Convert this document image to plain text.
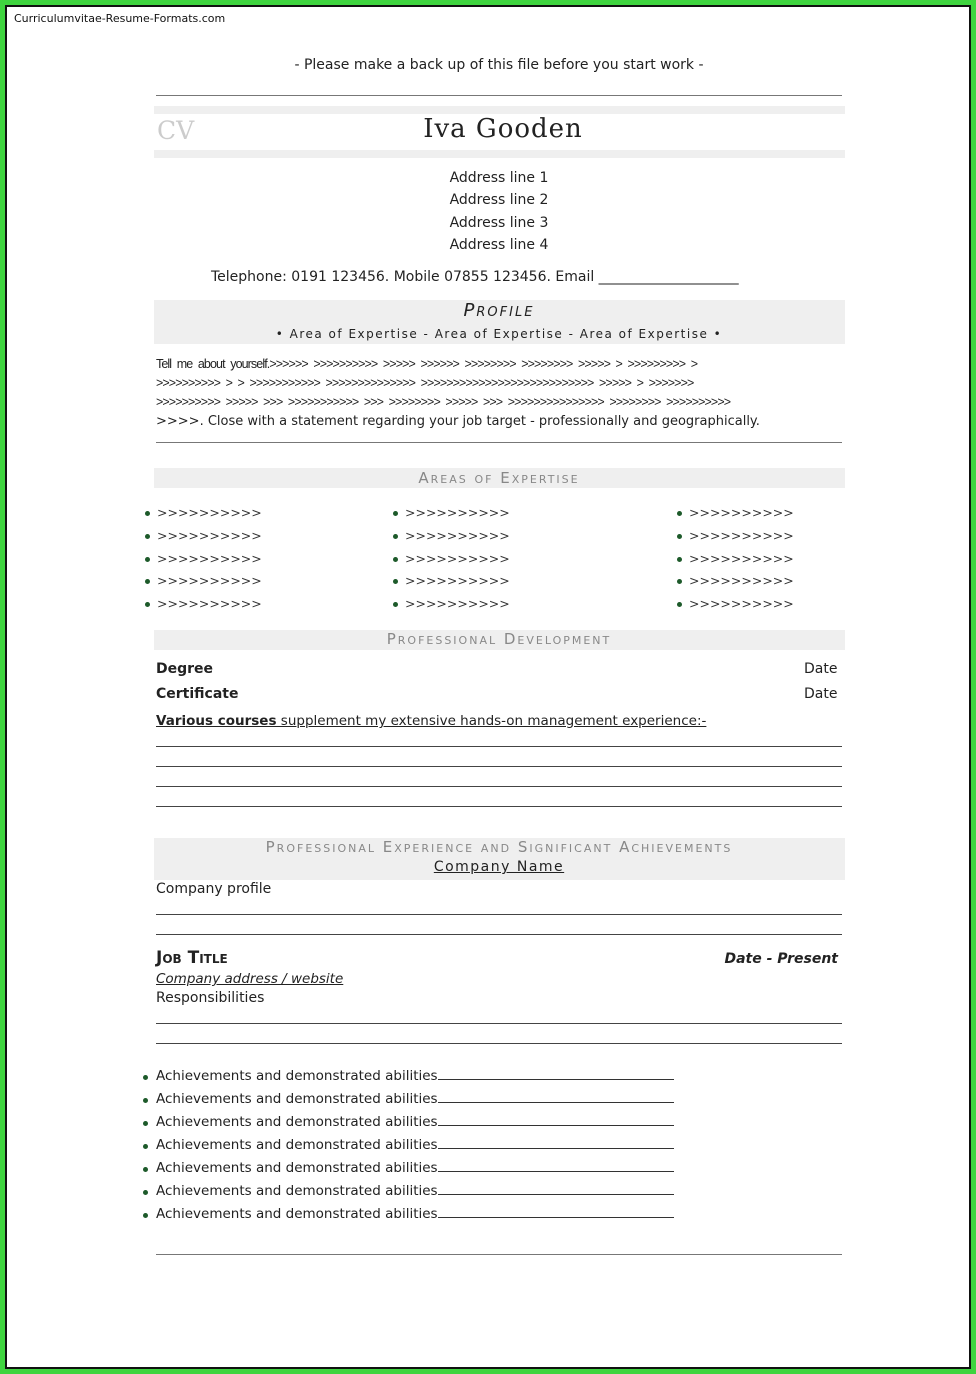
Curriculumvitae-Resume-Formats.com
- Please make a back up of this file before you start work -
CV	Iva Gooden
Address line 1
Address line 2
Address line 3
Address line 4
Telephone: 0191 123456. Mobile 07855 123456. Email ____________________
Profile
• Area of Expertise - Area of Expertise - Area of Expertise •
Tell me about yourself.>>>>>> >>>>>>>>>> >>>>> >>>>>> >>>>>>>> >>>>>>>> >>>>> > >>>>>>>>> >
>>>>>>>>>> > > >>>>>>>>>>> >>>>>>>>>>>>>> >>>>>>>>>>>>>>>>>>>>>>>>>>> >>>>> > >>>>>>>
>>>>>>>>>> >>>>> >>> >>>>>>>>>>> >>> >>>>>>>> >>>>> >>> >>>>>>>>>>>>>>> >>>>>>>> >>>>>>>>>>
>>>>. Close with a statement regarding your job target - professionally and geographically.
Areas of Expertise
>>>>>>>>>>
>>>>>>>>>>
>>>>>>>>>>
>>>>>>>>>>
>>>>>>>>>>
>>>>>>>>>>
>>>>>>>>>>
>>>>>>>>>>
>>>>>>>>>>
>>>>>>>>>>
>>>>>>>>>>
>>>>>>>>>>
>>>>>>>>>>
>>>>>>>>>>
>>>>>>>>>>
Professional Development
Degree	Date
Certificate	Date
Various courses supplement my extensive hands-on management experience:-
Professional Experience and Significant Achievements
Company Name
Company profile
Job Title	Date - Present
Company address / website
Responsibilities
Achievements and demonstrated abilities
Achievements and demonstrated abilities
Achievements and demonstrated abilities
Achievements and demonstrated abilities
Achievements and demonstrated abilities
Achievements and demonstrated abilities
Achievements and demonstrated abilities
